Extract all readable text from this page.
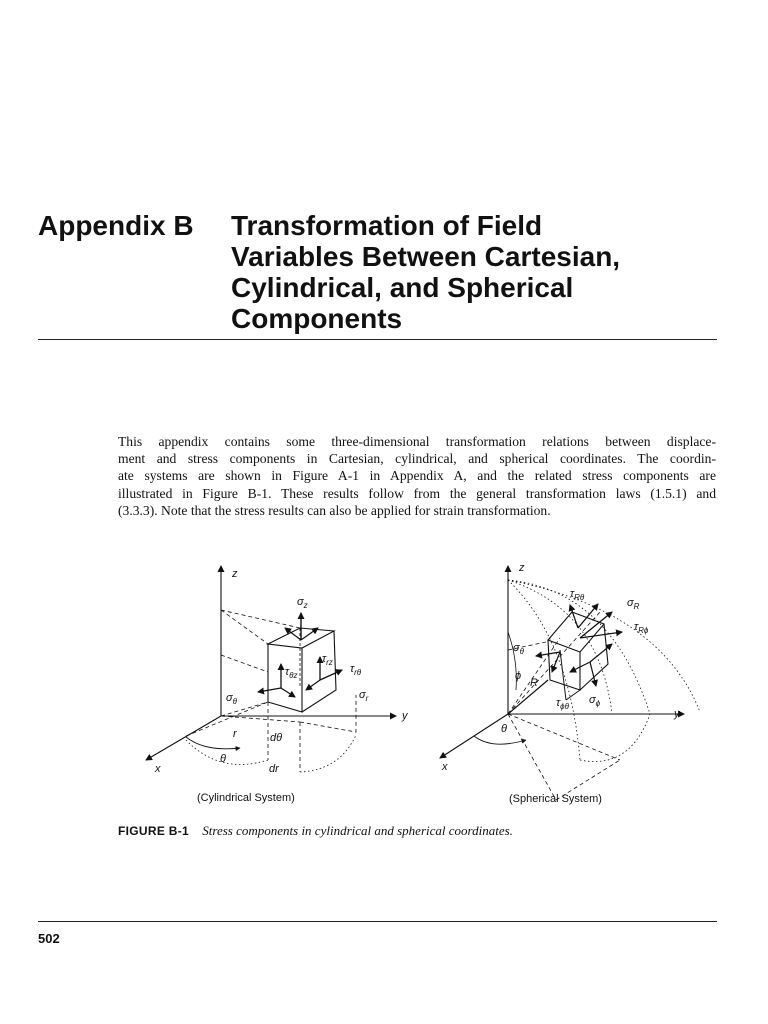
Appendix B Transformation of Field
Variables Between Cartesian,
Cylindrical, and Spherical
Components
This appendix contains some three-dimensional transformation relations between displace-
ment and stress components in Cartesian, cylindrical, and spherical coordinates. The coordin-
ate systems are shown in Figure A-1 in Appendix A, and the related stress components are
illustrated in Figure B-1. These results follow from the general transformation laws (1.5.1) and
(3.3.3). Note that the stress results can also be applied for strain transformation.
z
y
x
r	dθ
θ
dr
$\sigma_z$
$\tau_{rz}$
$\tau_{\theta z}$
$\tau_{r\theta}$
$\sigma_\theta$
$\sigma_r$
(Cylindrical System)
z
y
x
θ
ϕ
R
$\tau_{R\theta}$	$\sigma_R$
$\tau_{R\phi}$
$\sigma_\theta$
$\tau_{\phi\theta}$
$\sigma_\phi$
(Spherical System)
FIGURE B-1 Stress components in cylindrical and spherical coordinates.
502
